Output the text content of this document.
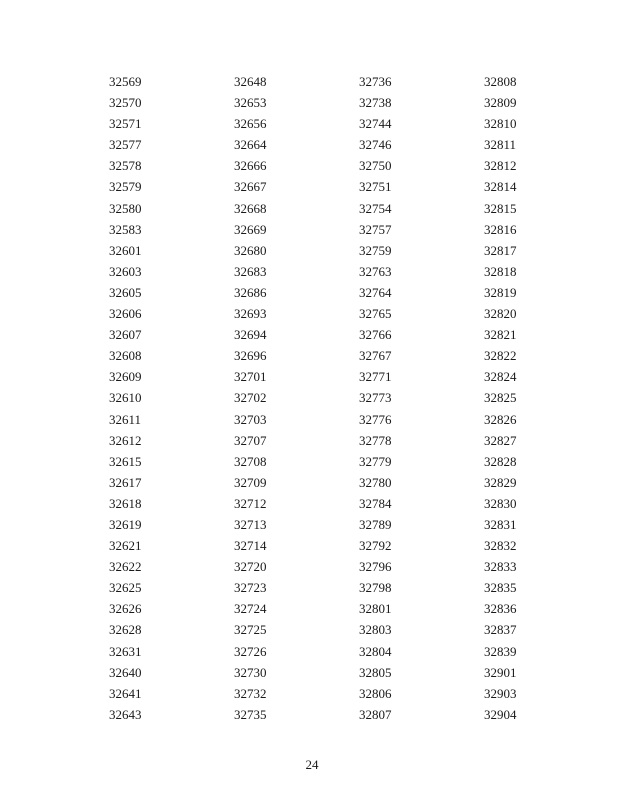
32569
32570
32571
32577
32578
32579
32580
32583
32601
32603
32605
32606
32607
32608
32609
32610
32611
32612
32615
32617
32618
32619
32621
32622
32625
32626
32628
32631
32640
32641
32643
32648
32653
32656
32664
32666
32667
32668
32669
32680
32683
32686
32693
32694
32696
32701
32702
32703
32707
32708
32709
32712
32713
32714
32720
32723
32724
32725
32726
32730
32732
32735
32736
32738
32744
32746
32750
32751
32754
32757
32759
32763
32764
32765
32766
32767
32771
32773
32776
32778
32779
32780
32784
32789
32792
32796
32798
32801
32803
32804
32805
32806
32807
32808
32809
32810
32811
32812
32814
32815
32816
32817
32818
32819
32820
32821
32822
32824
32825
32826
32827
32828
32829
32830
32831
32832
32833
32835
32836
32837
32839
32901
32903
32904
24
